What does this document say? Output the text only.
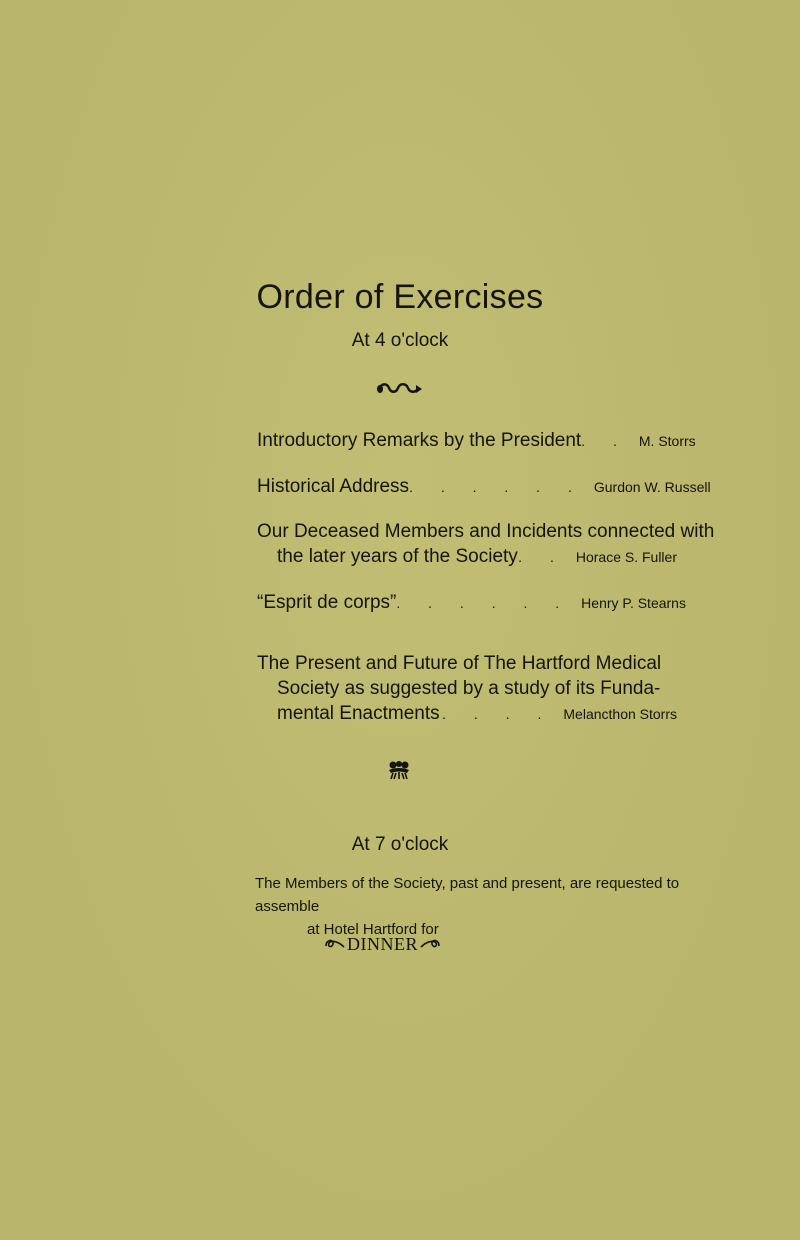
Order of Exercises
At 4 o'clock
Introductory Remarks by the President . . M. Storrs
Historical Address . . . . . . Gurdon W. Russell
Our Deceased Members and Incidents connected with
the later years of the Society . . Horace S. Fuller
“Esprit de corps” . . . . . . Henry P. Stearns
The Present and Future of The Hartford Medical
Society as suggested by a study of its Funda-
mental Enactments . . . . Melancthon Storrs
At 7 o'clock
The Members of the Society, past and present, are requested to assemble
at Hotel Hartford for
DINNER
